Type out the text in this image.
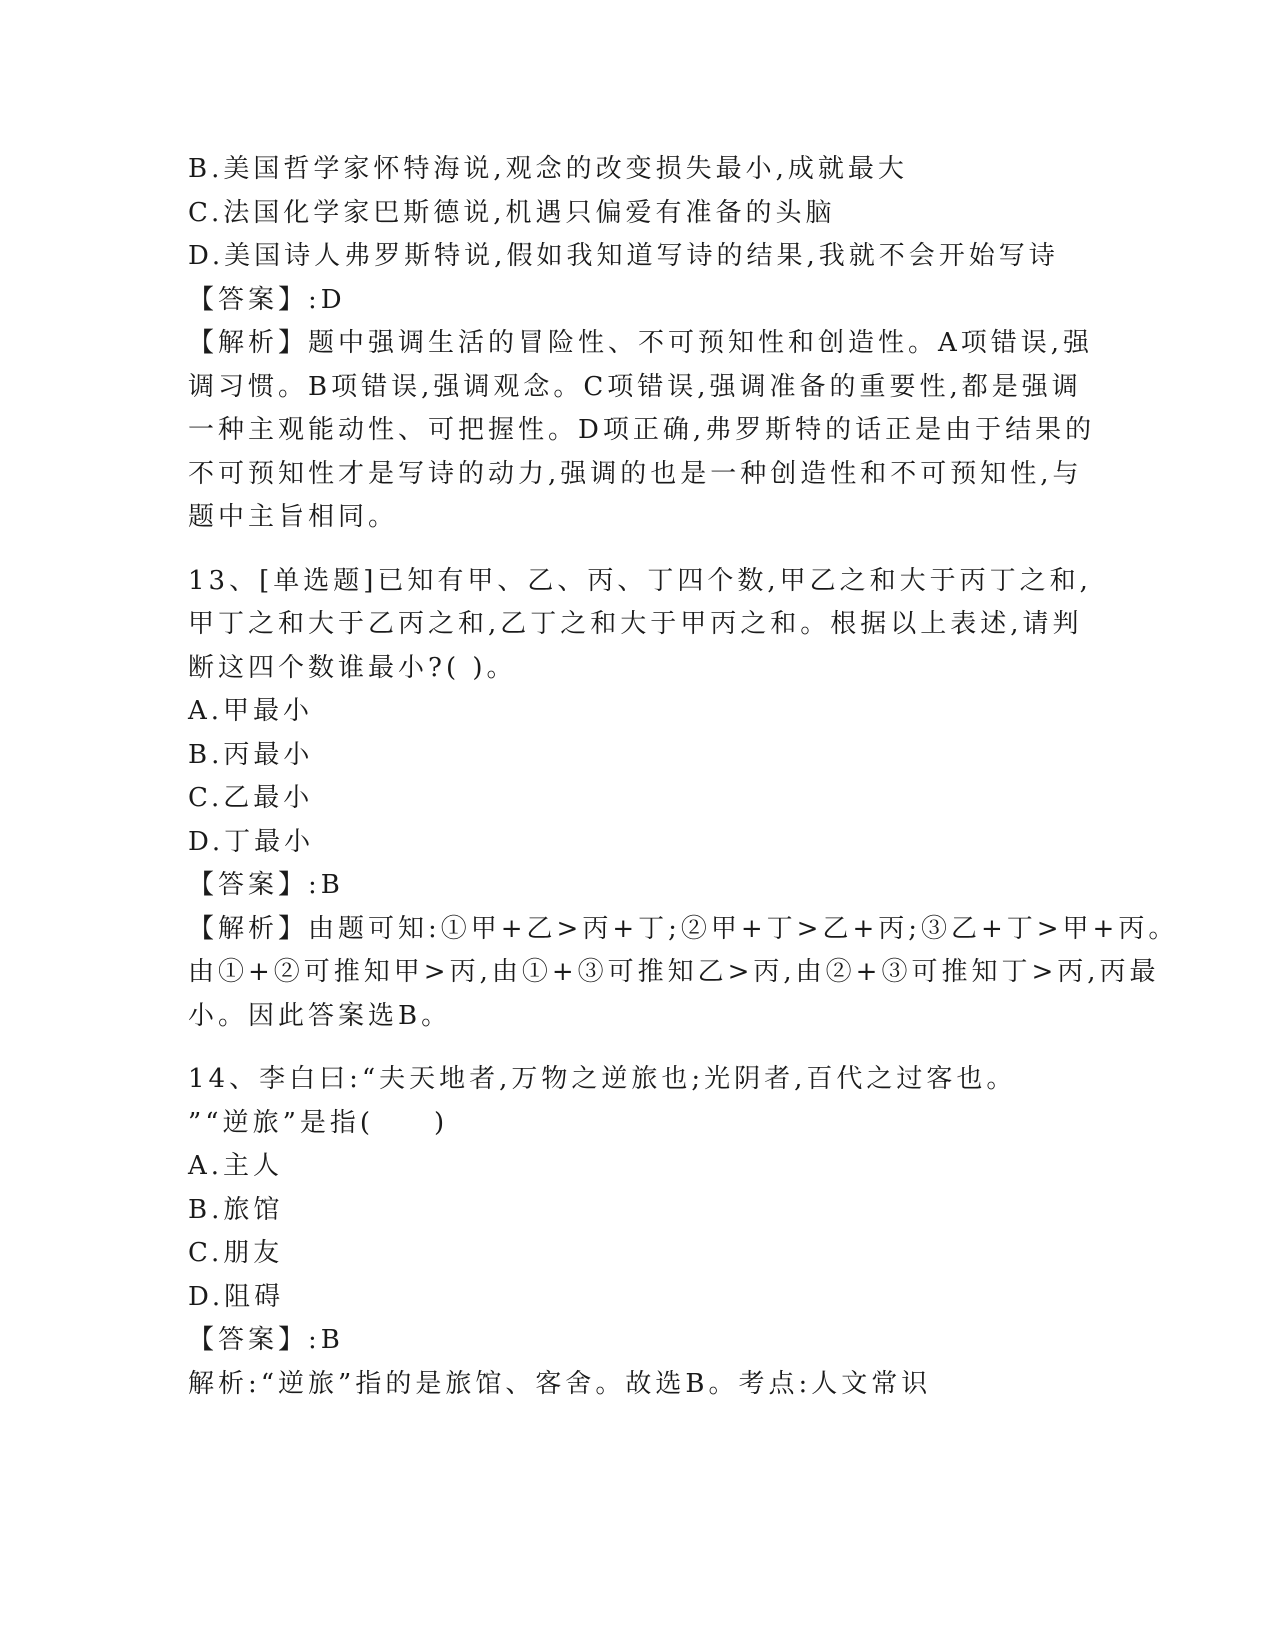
B.美国哲学家怀特海说,观念的改变损失最小,成就最大

C.法国化学家巴斯德说,机遇只偏爱有准备的头脑

D.美国诗人弗罗斯特说,假如我知道写诗的结果,我就不会开始写诗

【答案】:D

【解析】题中强调生活的冒险性、不可预知性和创造性。A项错误,强

调习惯。B项错误,强调观念。C项错误,强调准备的重要性,都是强调

一种主观能动性、可把握性。D项正确,弗罗斯特的话正是由于结果的

不可预知性才是写诗的动力,强调的也是一种创造性和不可预知性,与

题中主旨相同。

13、[单选题]已知有甲、乙、丙、丁四个数,甲乙之和大于丙丁之和,

甲丁之和大于乙丙之和,乙丁之和大于甲丙之和。根据以上表述,请判

断这四个数谁最小?( )。

A.甲最小

B.丙最小

C.乙最小

D.丁最小

【答案】:B

【解析】由题可知:①甲+乙>丙+丁;②甲+丁>乙+丙;③乙+丁>甲+丙。

由①+②可推知甲>丙,由①+③可推知乙>丙,由②+③可推知丁>丙,丙最

小。因此答案选B。

14、李白曰:“夫天地者,万物之逆旅也;光阴者,百代之过客也。

”“逆旅”是指(　　)

A.主人

B.旅馆

C.朋友

D.阻碍

【答案】:B

解析:“逆旅”指的是旅馆、客舍。故选B。考点:人文常识
